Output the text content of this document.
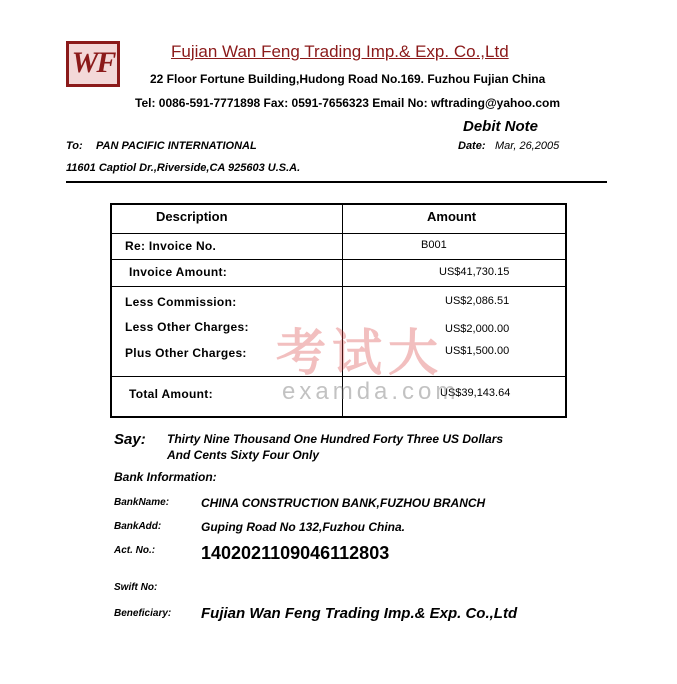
WF	Fujian Wan Feng Trading Imp.& Exp. Co.,Ltd
22 Floor Fortune Building,Hudong Road No.169. Fuzhou Fujian China
Tel: 0086-591-7771898 Fax: 0591-7656323 Email No: wftrading@yahoo.com
Debit Note
To: PAN PACIFIC INTERNATIONAL
11601 Captiol Dr.,Riverside,CA 925603 U.S.A.
Date: Mar, 26,2005
Description	Amount
Re: Invoice No.	B001
Invoice Amount:	US$41,730.15
Less Commission:	US$2,086.51
Less Other Charges:	US$2,000.00
Plus Other Charges:	US$1,500.00
Total Amount:	US$39,143.64
考试大
examda.com
Say: Thirty Nine Thousand One Hundred Forty Three US Dollars
And Cents Sixty Four Only
Bank Information:
BankName:	CHINA CONSTRUCTION BANK,FUZHOU BRANCH
BankAdd:	Guping Road No 132,Fuzhou China.
Act. No.:	1402021109046112803
Swift No:
Beneficiary: Fujian Wan Feng Trading Imp.& Exp. Co.,Ltd
